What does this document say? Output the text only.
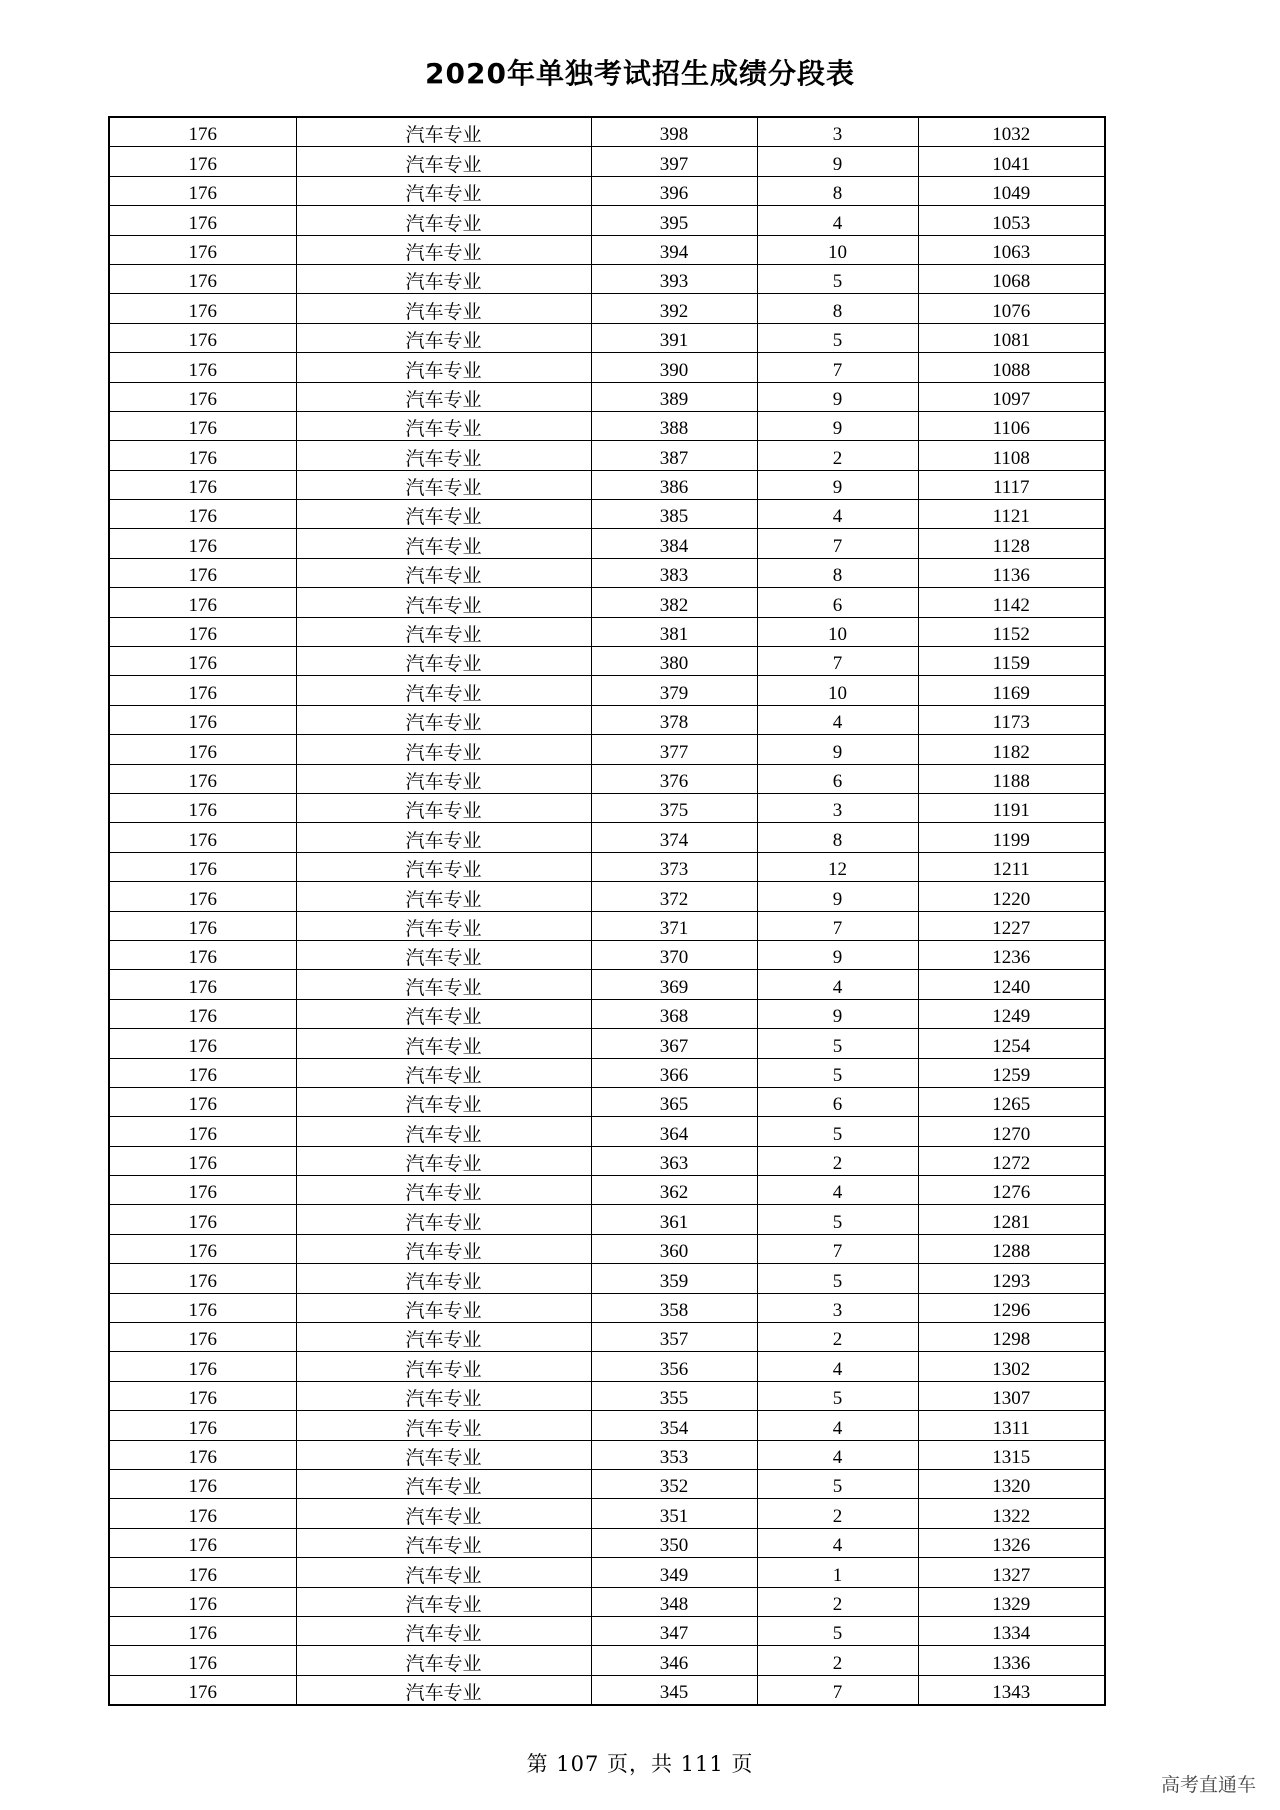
2020年单独考试招生成绩分段表
176	汽车专业	398	3	1032
176	汽车专业	397	9	1041
176	汽车专业	396	8	1049
176	汽车专业	395	4	1053
176	汽车专业	394	10	1063
176	汽车专业	393	5	1068
176	汽车专业	392	8	1076
176	汽车专业	391	5	1081
176	汽车专业	390	7	1088
176	汽车专业	389	9	1097
176	汽车专业	388	9	1106
176	汽车专业	387	2	1108
176	汽车专业	386	9	1117
176	汽车专业	385	4	1121
176	汽车专业	384	7	1128
176	汽车专业	383	8	1136
176	汽车专业	382	6	1142
176	汽车专业	381	10	1152
176	汽车专业	380	7	1159
176	汽车专业	379	10	1169
176	汽车专业	378	4	1173
176	汽车专业	377	9	1182
176	汽车专业	376	6	1188
176	汽车专业	375	3	1191
176	汽车专业	374	8	1199
176	汽车专业	373	12	1211
176	汽车专业	372	9	1220
176	汽车专业	371	7	1227
176	汽车专业	370	9	1236
176	汽车专业	369	4	1240
176	汽车专业	368	9	1249
176	汽车专业	367	5	1254
176	汽车专业	366	5	1259
176	汽车专业	365	6	1265
176	汽车专业	364	5	1270
176	汽车专业	363	2	1272
176	汽车专业	362	4	1276
176	汽车专业	361	5	1281
176	汽车专业	360	7	1288
176	汽车专业	359	5	1293
176	汽车专业	358	3	1296
176	汽车专业	357	2	1298
176	汽车专业	356	4	1302
176	汽车专业	355	5	1307
176	汽车专业	354	4	1311
176	汽车专业	353	4	1315
176	汽车专业	352	5	1320
176	汽车专业	351	2	1322
176	汽车专业	350	4	1326
176	汽车专业	349	1	1327
176	汽车专业	348	2	1329
176	汽车专业	347	5	1334
176	汽车专业	346	2	1336
176	汽车专业	345	7	1343
第 107 页，共 111 页
高考直通车
